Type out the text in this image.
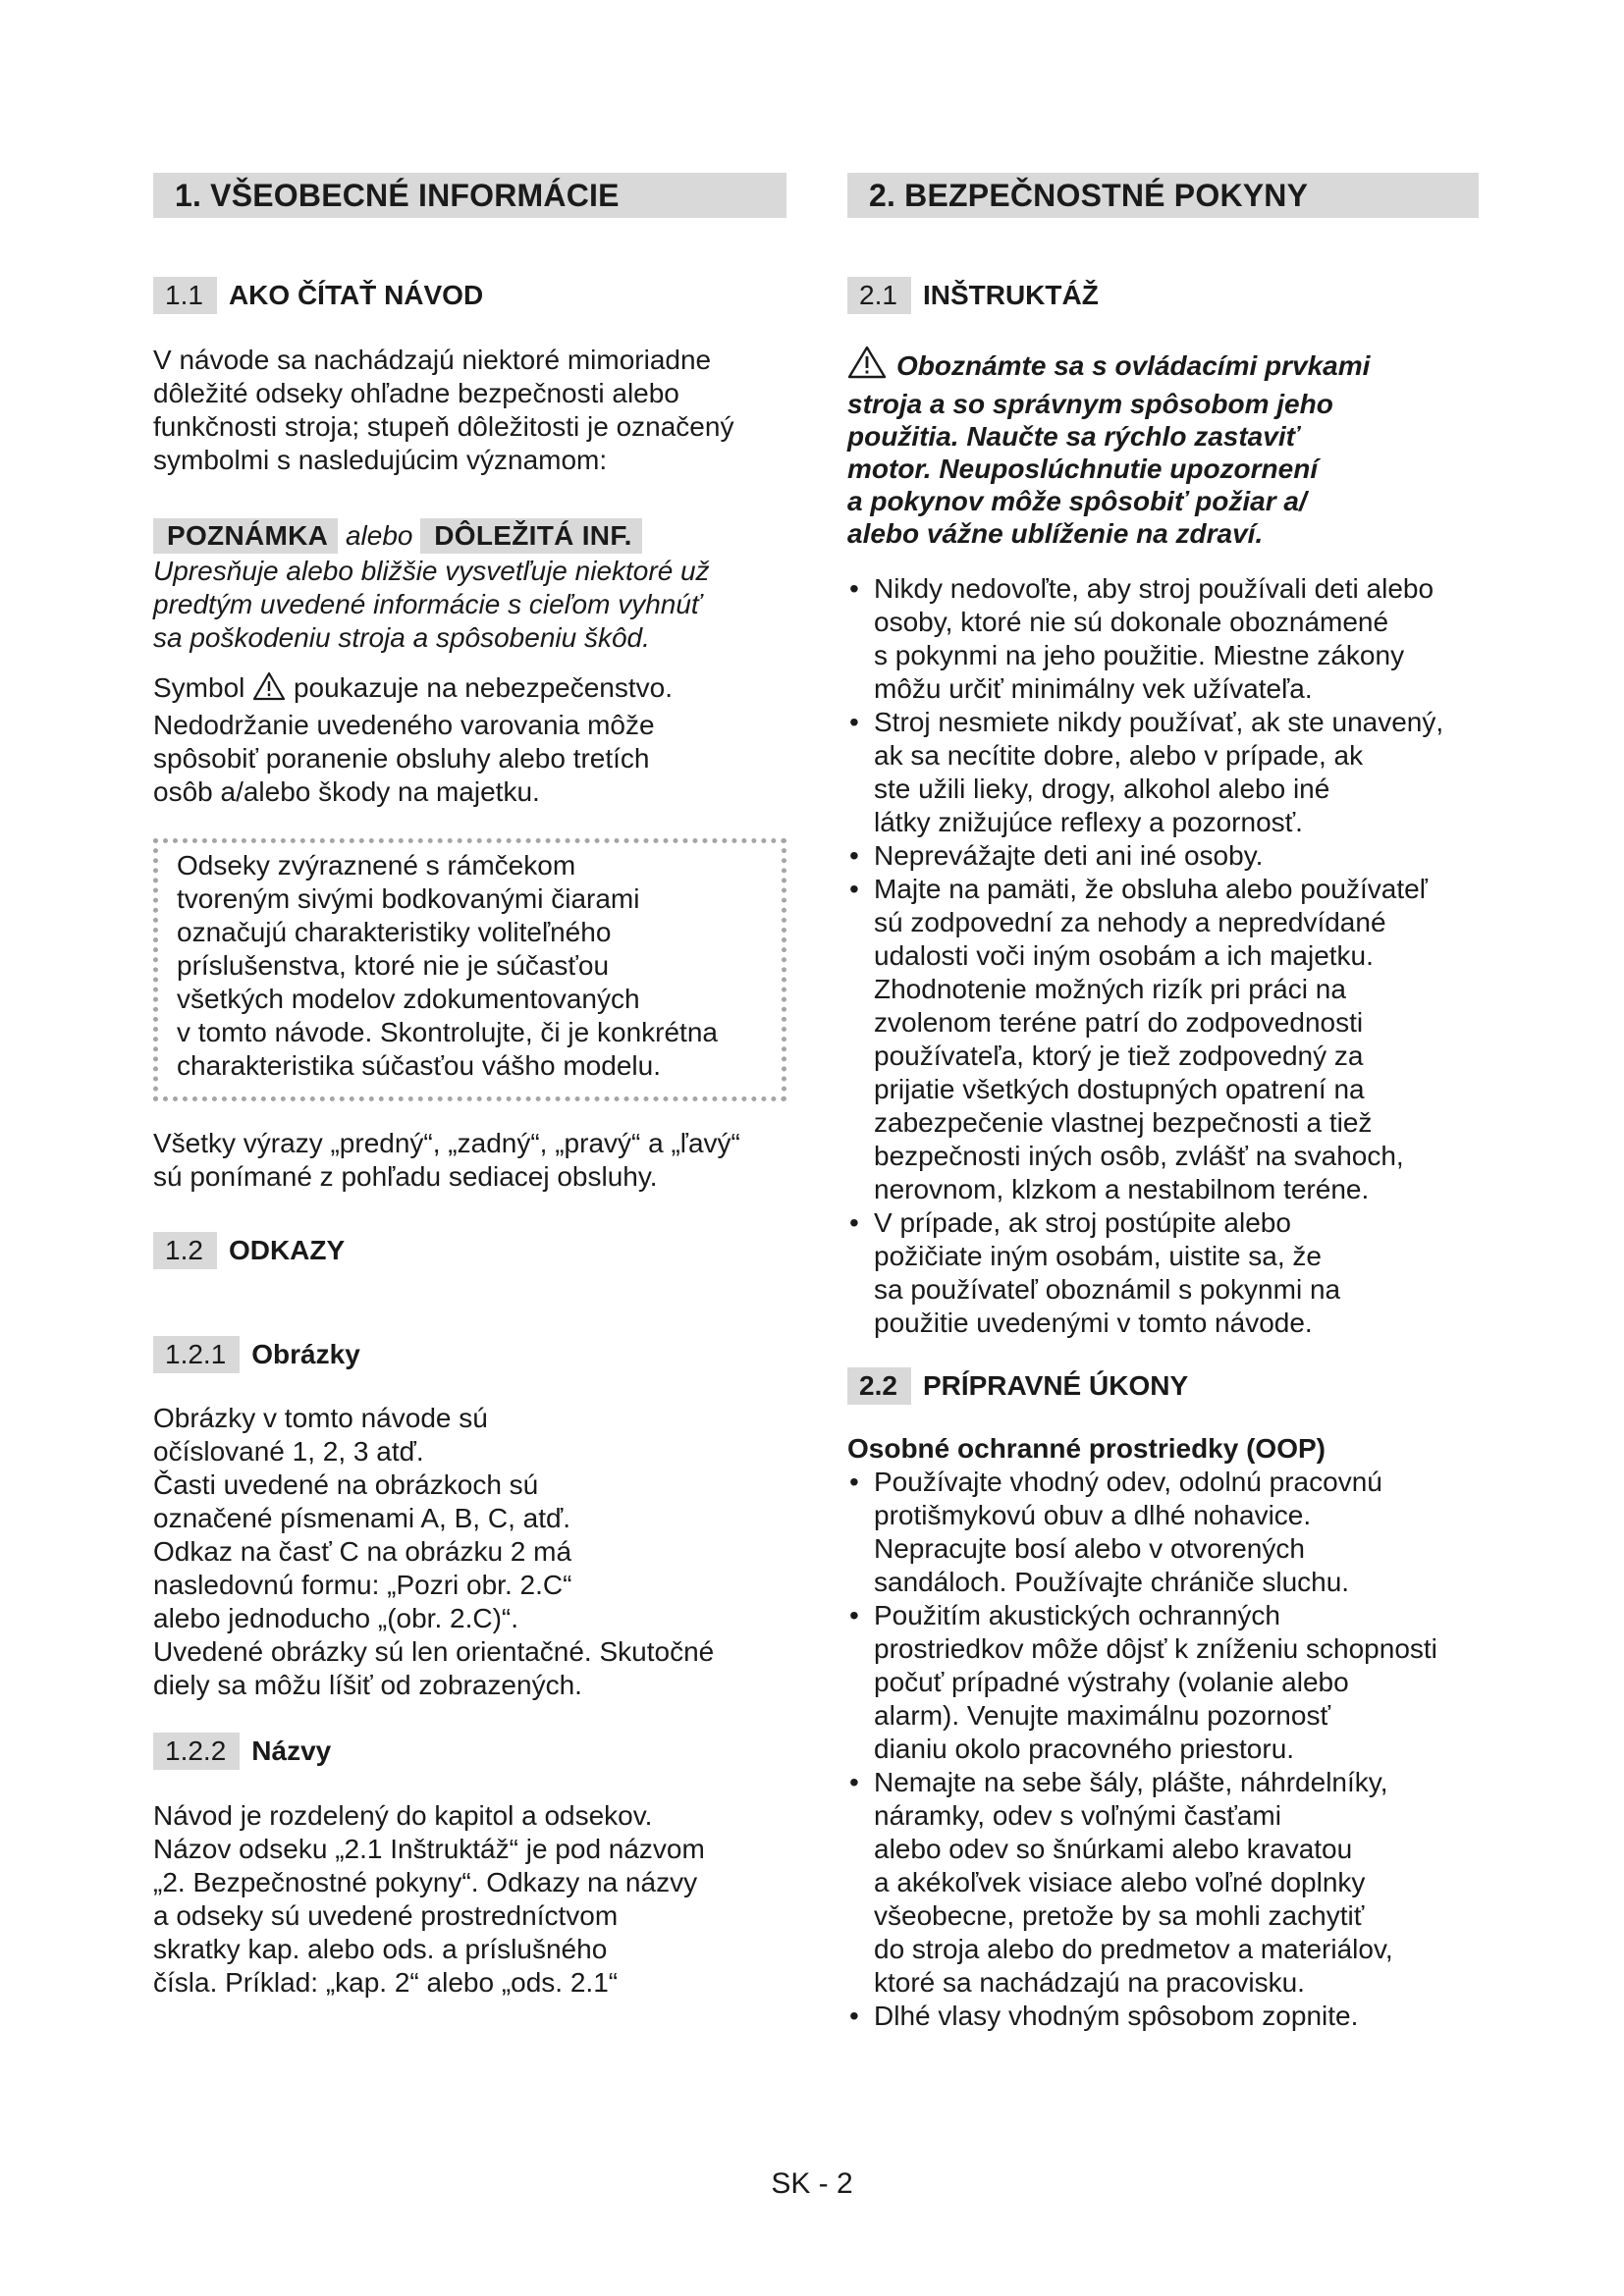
1. VŠEOBECNÉ INFORMÁCIE
1.1 AKO ČÍTAŤ NÁVOD

V návode sa nachádzajú niektoré mimoriadne

dôležité odseky ohľadne bezpečnosti alebo

funkčnosti stroja; stupeň dôležitosti je označený

symbolmi s nasledujúcim významom:

POZNÁMKA alebo DÔLEŽITÁ INF.

Upresňuje alebo bližšie vysvetľuje niektoré už

predtým uvedené informácie s cieľom vyhnúť

sa poškodeniu stroja a spôsobeniu škôd.

Symbol poukazuje na nebezpečenstvo.

Nedodržanie uvedeného varovania môže

spôsobiť poranenie obsluhy alebo tretích

osôb a/alebo škody na majetku.

Odseky zvýraznené s rámčekom

tvoreným sivými bodkovanými čiarami

označujú charakteristiky voliteľného

príslušenstva, ktoré nie je súčasťou

všetkých modelov zdokumentovaných

v tomto návode. Skontrolujte, či je konkrétna

charakteristika súčasťou vášho modelu.

Všetky výrazy „predný“, „zadný“, „pravý“ a „ľavý“

sú ponímané z pohľadu sediacej obsluhy.

1.2 ODKAZY
1.2.1 Obrázky

Obrázky v tomto návode sú

očíslované 1, 2, 3 atď.

Časti uvedené na obrázkoch sú

označené písmenami A, B, C, atď.

Odkaz na časť C na obrázku 2 má

nasledovnú formu: „Pozri obr. 2.C“

alebo jednoducho „(obr. 2.C)“.

Uvedené obrázky sú len orientačné. Skutočné

diely sa môžu líšiť od zobrazených.

1.2.2 Názvy

Návod je rozdelený do kapitol a odsekov.

Názov odseku „2.1 Inštruktáž“ je pod názvom

„2. Bezpečnostné pokyny“. Odkazy na názvy

a odseky sú uvedené prostredníctvom

skratky kap. alebo ods. a príslušného

čísla. Príklad: „kap. 2“ alebo „ods. 2.1“

2. BEZPEČNOSTNÉ POKYNY
2.1 INŠTRUKTÁŽ

Oboznámte sa s ovládacími prvkami

stroja a so správnym spôsobom jeho

použitia. Naučte sa rýchlo zastaviť

motor. Neuposlúchnutie upozornení

a pokynov môže spôsobiť požiar a/

alebo vážne ublíženie na zdraví.

• Nikdy nedovoľte, aby stroj používali deti alebo
osoby, ktoré nie sú dokonale oboznámené
s pokynmi na jeho použitie. Miestne zákony
môžu určiť minimálny vek užívateľa.
• Stroj nesmiete nikdy používať, ak ste unavený,
ak sa necítite dobre, alebo v prípade, ak
ste užili lieky, drogy, alkohol alebo iné
látky znižujúce reflexy a pozornosť.
• Neprevážajte deti ani iné osoby.
• Majte na pamäti, že obsluha alebo používateľ
sú zodpovední za nehody a nepredvídané
udalosti voči iným osobám a ich majetku.
Zhodnotenie možných rizík pri práci na
zvolenom teréne patrí do zodpovednosti
používateľa, ktorý je tiež zodpovedný za
prijatie všetkých dostupných opatrení na
zabezpečenie vlastnej bezpečnosti a tiež
bezpečnosti iných osôb, zvlášť na svahoch,
nerovnom, klzkom a nestabilnom teréne.
• V prípade, ak stroj postúpite alebo
požičiate iným osobám, uistite sa, že
sa používateľ oboznámil s pokynmi na
použitie uvedenými v tomto návode.
2.2 PRÍPRAVNÉ ÚKONY
Osobné ochranné prostriedky (OOP)
• Používajte vhodný odev, odolnú pracovnú
protišmykovú obuv a dlhé nohavice.
Nepracujte bosí alebo v otvorených
sandáloch. Používajte chrániče sluchu.
• Použitím akustických ochranných
prostriedkov môže dôjsť k zníženiu schopnosti
počuť prípadné výstrahy (volanie alebo
alarm). Venujte maximálnu pozornosť
dianiu okolo pracovného priestoru.
• Nemajte na sebe šály, plášte, náhrdelníky,
náramky, odev s voľnými časťami
alebo odev so šnúrkami alebo kravatou
a akékoľvek visiace alebo voľné doplnky
všeobecne, pretože by sa mohli zachytiť
do stroja alebo do predmetov a materiálov,
ktoré sa nachádzajú na pracovisku.
• Dlhé vlasy vhodným spôsobom zopnite.
SK - 2
